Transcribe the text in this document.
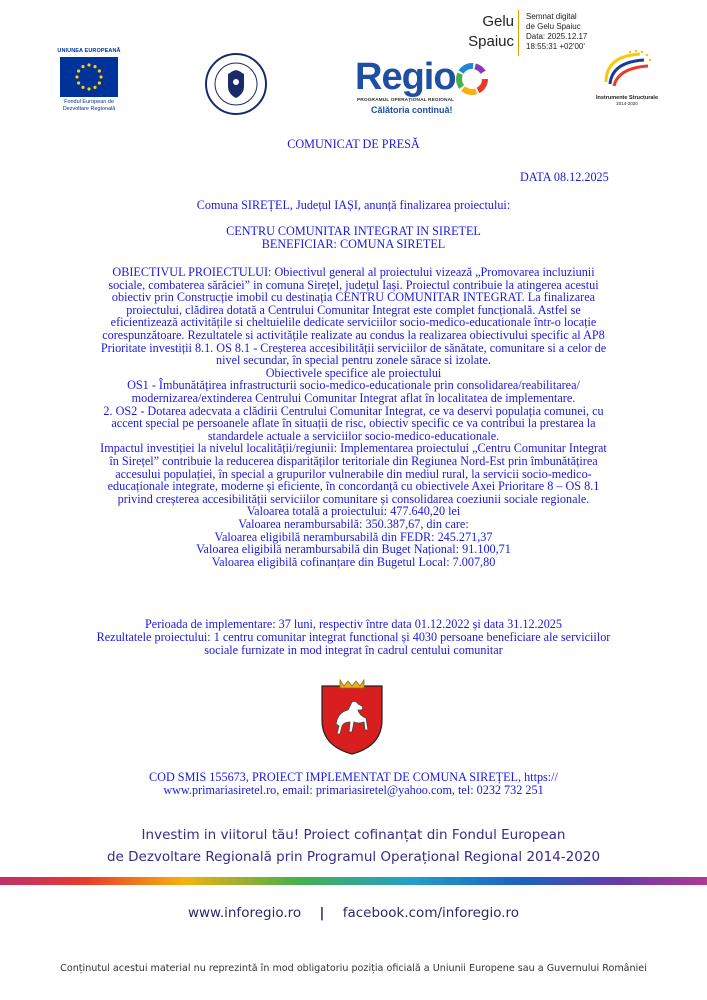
UNIUNEA EUROPEANĂ
Fondul European de
Dezvoltare Regională
Regio
PROGRAMUL OPERAȚIONAL REGIONAL
Călătoria continuă!
Gelu
Spaiuc
Semnat digital
de Gelu Spaiuc
Data: 2025.12.17
18:55:31 +02'00'
Instrumente Structurale
2014-2020
COMUNICAT DE PRESĂ
DATA 08.12.2025
Comuna SIREȚEL, Județul IAȘI, anunță finalizarea proiectului:
CENTRU COMUNITAR INTEGRAT IN SIRETEL
BENEFICIAR: COMUNA SIRETEL
OBIECTIVUL PROIECTULUI: Obiectivul general al proiectului vizează „Promovarea incluziunii
sociale, combaterea sărăciei” in comuna Sirețel, județul Iași. Proiectul contribuie la atingerea acestui
obiectiv prin Construcție imobil cu destinația CENTRU COMUNITAR INTEGRAT. La finalizarea
proiectului, clădirea dotată a Centrului Comunitar Integrat este complet funcțională. Astfel se
eficientizează activitățile si cheltuielile dedicate serviciilor socio-medico-educationale într-o locație
corespunzătoare. Rezultatele si activitățile realizate au condus la realizarea obiectivului specific al AP8
Prioritate investiții 8.1. OS 8.1 - Creșterea accesibilității serviciilor de sănătate, comunitare si a celor de
nivel secundar, în special pentru zonele sărace si izolate.
Obiectivele specifice ale proiectului
OS1 - Îmbunătățirea infrastructurii socio-medico-educationale prin consolidarea/reabilitarea/
modernizarea/extinderea Centrului Comunitar Integrat aflat în localitatea de implementare.
2. OS2 - Dotarea adecvata a clădirii Centrului Comunitar Integrat, ce va deservi populația comunei, cu
accent special pe persoanele aflate în situații de risc, obiectiv specific ce va contribui la prestarea la
standardele actuale a serviciilor socio-medico-educationale.
Impactul investiției la nivelul localității/regiunii: Implementarea proiectului „Centru Comunitar Integrat
în Sirețel” contribuie la reducerea disparităților teritoriale din Regiunea Nord-Est prin îmbunătățirea
accesului populației, în special a grupurilor vulnerabile din mediul rural, la servicii socio-medico-
educaționale integrate, moderne și eficiente, în concordanță cu obiectivele Axei Prioritare 8 – OS 8.1
privind creșterea accesibilității serviciilor comunitare și consolidarea coeziunii sociale regionale.
Valoarea totală a proiectului: 477.640,20 lei
Valoarea nerambursabilă: 350.387,67, din care:
Valoarea eligibilă nerambursabilă din FEDR: 245.271,37
Valoarea eligibilă nerambursabilă din Buget Național: 91.100,71
Valoarea eligibilă cofinanțare din Bugetul Local: 7.007,80
Perioada de implementare: 37 luni, respectiv între data 01.12.2022 și data 31.12.2025
Rezultatele proiectului: 1 centru comunitar integrat functional și 4030 persoane beneficiare ale serviciilor
sociale furnizate in mod integrat în cadrul centului comunitar
COD SMIS 155673, PROIECT IMPLEMENTAT DE COMUNA SIREȚEL, https://
www.primariasiretel.ro, email: primariasiretel@yahoo.com, tel: 0232 732 251
Investim in viitorul tău! Proiect cofinanțat din Fondul European
de Dezvoltare Regională prin Programul Operațional Regional 2014-2020
www.inforegio.ro | facebook.com/inforegio.ro
Conținutul acestui material nu reprezintă în mod obligatoriu poziția oficială a Uniunii Europene sau a Guvernului României
